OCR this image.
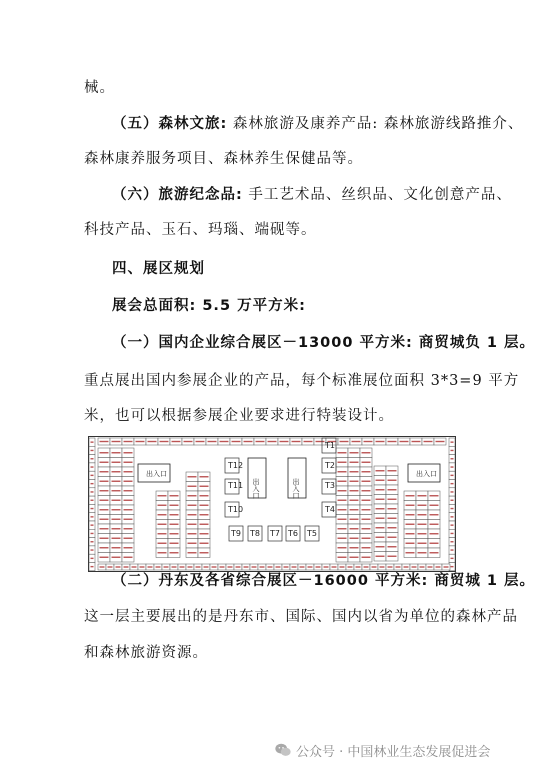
械。
（五）森林文旅: 森林旅游及康养产品: 森林旅游线路推介、
森林康养服务项目、森林养生保健品等。
（六）旅游纪念品: 手工艺术品、丝织品、文化创意产品、
科技产品、玉石、玛瑙、端砚等。
四、展区规划
展会总面积: 5.5 万平方米:
（一）国内企业综合展区－13000 平方米: 商贸城负 1 层。
重点展出国内参展企业的产品，每个标准展位面积 3*3=9 平方
米，也可以根据参展企业要求进行特装设计。
出入口
出入口	出入口
出入口
T12
T11
T10
T9 T8 T7 T6 T5
T4
T3
T2
T1
（二）丹东及各省综合展区－16000 平方米: 商贸城 1 层。
这一层主要展出的是丹东市、国际、国内以省为单位的森林产品
和森林旅游资源。
公众号 · 中国林业生态发展促进会
